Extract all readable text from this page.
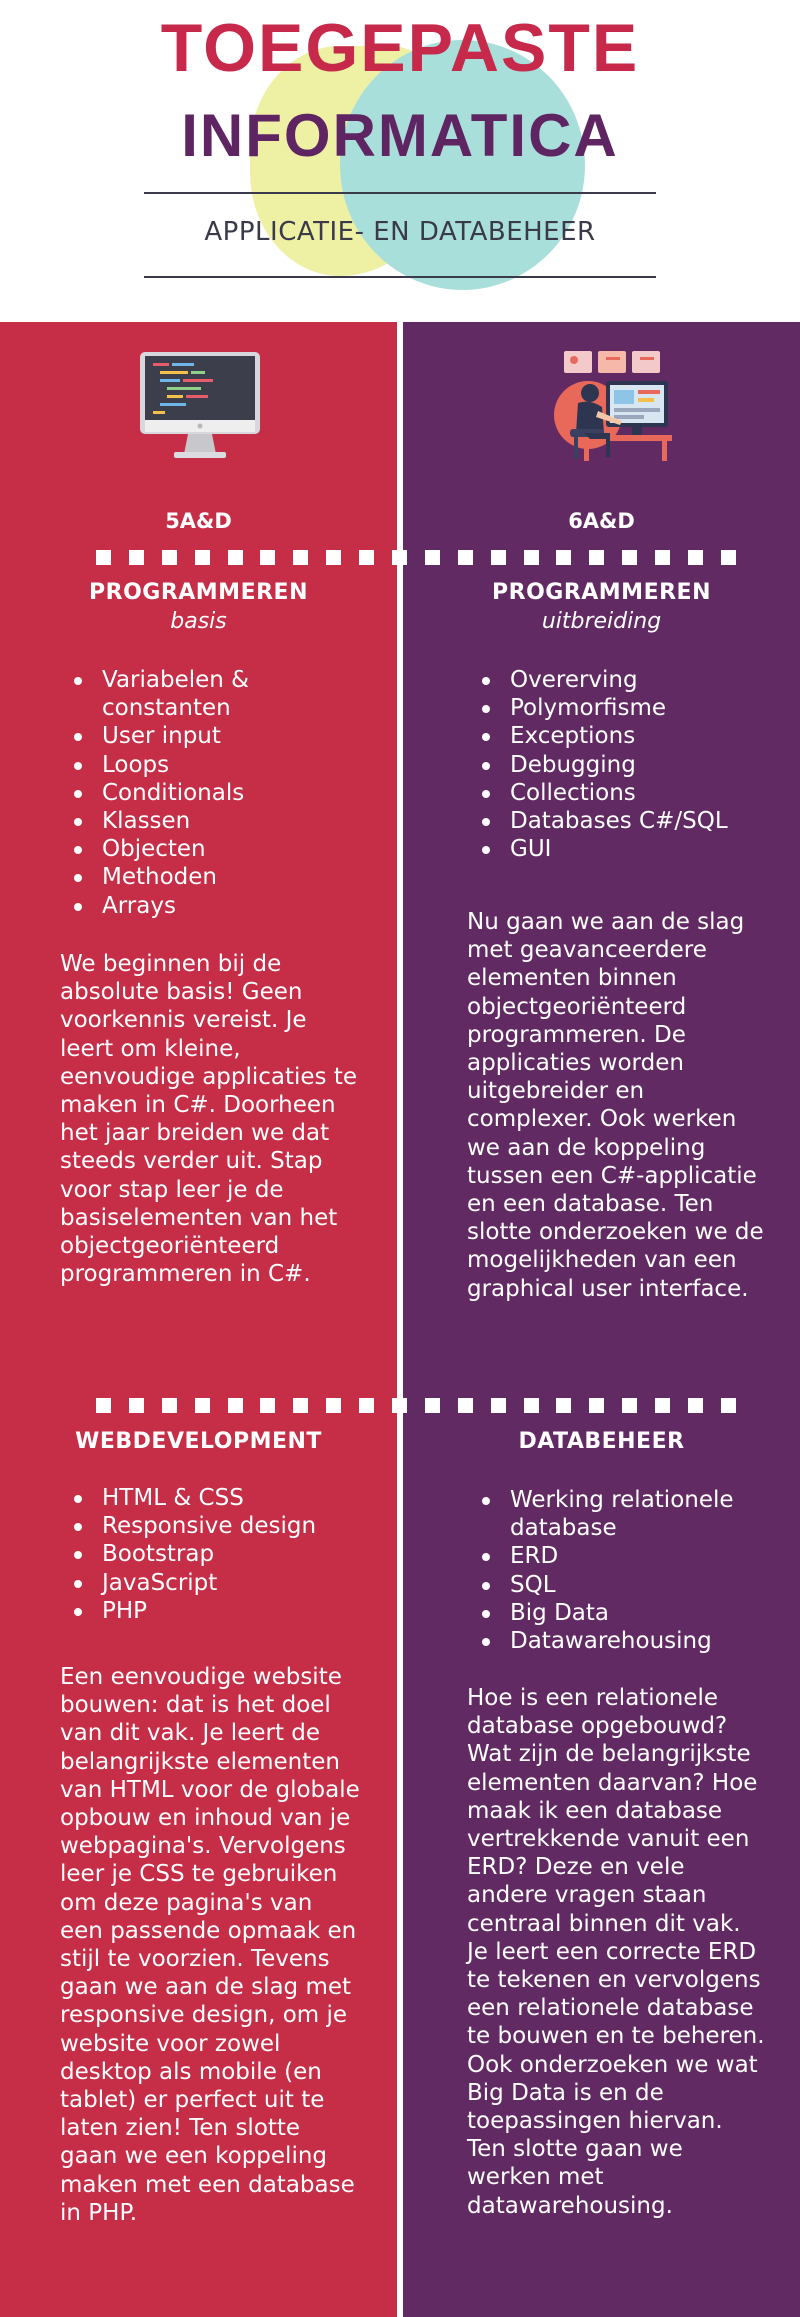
TOEGEPASTE
INFORMATICA
APPLICATIE- EN DATABEHEER
5A&D	6A&D
PROGRAMMEREN
basis
Variabelen & constanten
User input
Loops
Conditionals
Klassen
Objecten
Methoden
Arrays

We beginnen bij de absolute basis! Geen voorkennis vereist. Je leert om kleine, eenvoudige applicaties te maken in C#. Doorheen het jaar breiden we dat steeds verder uit. Stap voor stap leer je de basiselementen van het objectgeoriënteerd programmeren in C#.

PROGRAMMEREN
uitbreiding
Overerving
Polymorfisme
Exceptions
Debugging
Collections
Databases C#/SQL
GUI

Nu gaan we aan de slag met geavanceerdere elementen binnen objectgeoriënteerd programmeren. De applicaties worden uitgebreider en complexer. Ook werken we aan de koppeling tussen een C#-applicatie en een database. Ten slotte onderzoeken we de mogelijkheden van een graphical user interface.

WEBDEVELOPMENT
HTML & CSS
Responsive design
Bootstrap
JavaScript
PHP

Een eenvoudige website bouwen: dat is het doel van dit vak. Je leert de belangrijkste elementen van HTML voor de globale opbouw en inhoud van je webpagina's. Vervolgens leer je CSS te gebruiken om deze pagina's van een passende opmaak en stijl te voorzien. Tevens gaan we aan de slag met responsive design, om je website voor zowel desktop als mobile (en tablet) er perfect uit te laten zien! Ten slotte gaan we een koppeling maken met een database in PHP.

DATABEHEER
Werking relationele database
ERD
SQL
Big Data
Datawarehousing

Hoe is een relationele database opgebouwd? Wat zijn de belangrijkste elementen daarvan? Hoe maak ik een database vertrekkende vanuit een ERD? Deze en vele andere vragen staan centraal binnen dit vak. Je leert een correcte ERD te tekenen en vervolgens een relationele database te bouwen en te beheren. Ook onderzoeken we wat Big Data is en de toepassingen hiervan. Ten slotte gaan we werken met datawarehousing.
